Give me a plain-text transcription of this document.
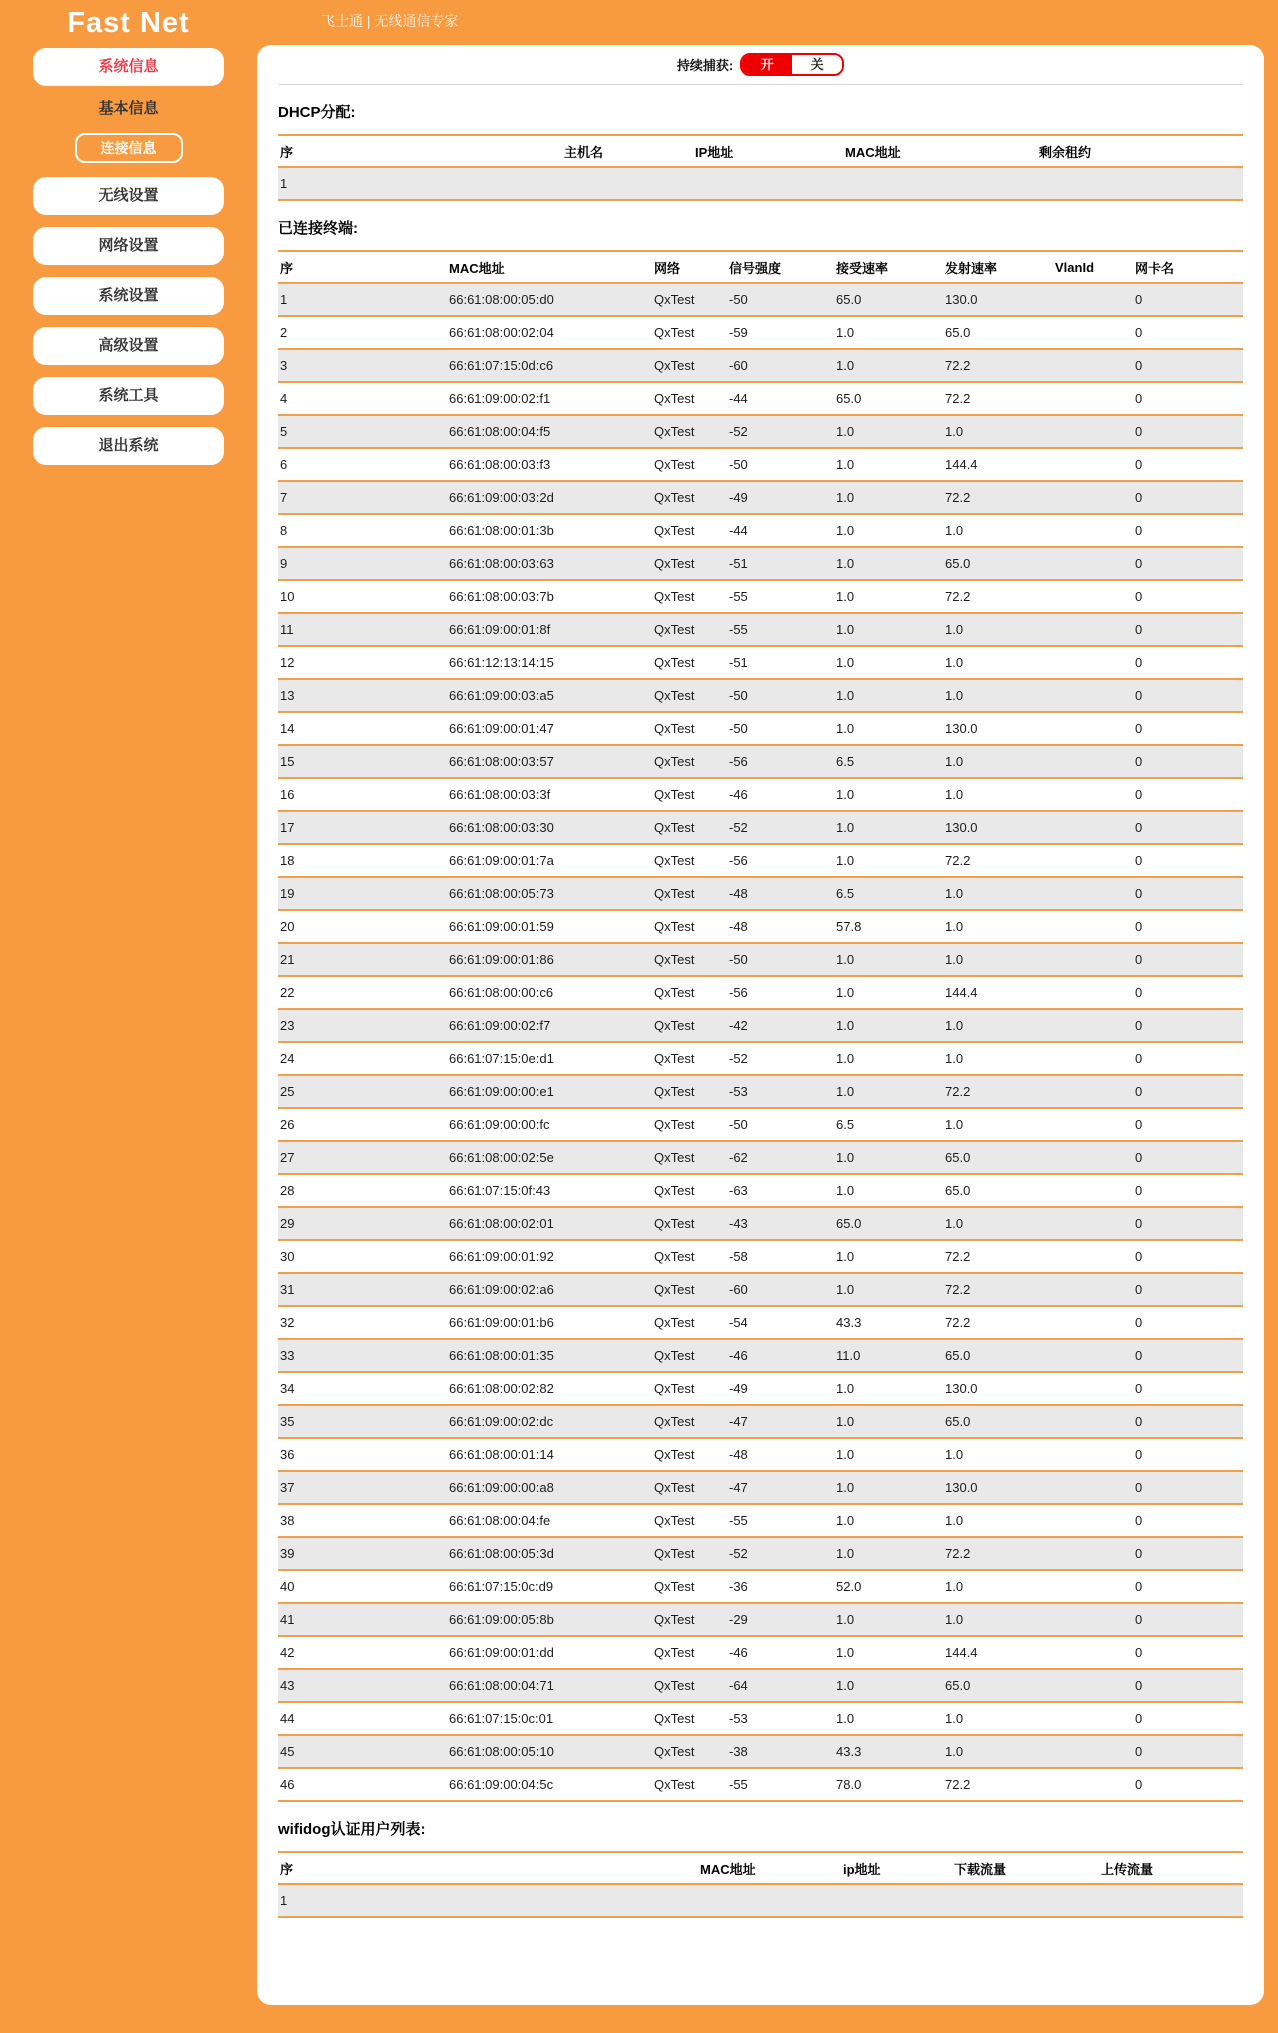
Fast Net
系统信息
基本信息
连接信息
无线设置
网络设置
系统设置
高级设置
系统工具
退出系统
飞士通 | 无线通信专家
持续捕获:	开	关
DHCP分配:
序	主机名	IP地址	MAC地址	剩余租约
1				
已连接终端:
序	MAC地址	网络	信号强度	接受速率	发射速率	VlanId	网卡名
1	66:61:08:00:05:d0	QxTest	-50	65.0	130.0		0
2	66:61:08:00:02:04	QxTest	-59	1.0	65.0		0
3	66:61:07:15:0d:c6	QxTest	-60	1.0	72.2		0
4	66:61:09:00:02:f1	QxTest	-44	65.0	72.2		0
5	66:61:08:00:04:f5	QxTest	-52	1.0	1.0		0
6	66:61:08:00:03:f3	QxTest	-50	1.0	144.4		0
7	66:61:09:00:03:2d	QxTest	-49	1.0	72.2		0
8	66:61:08:00:01:3b	QxTest	-44	1.0	1.0		0
9	66:61:08:00:03:63	QxTest	-51	1.0	65.0		0
10	66:61:08:00:03:7b	QxTest	-55	1.0	72.2		0
11	66:61:09:00:01:8f	QxTest	-55	1.0	1.0		0
12	66:61:12:13:14:15	QxTest	-51	1.0	1.0		0
13	66:61:09:00:03:a5	QxTest	-50	1.0	1.0		0
14	66:61:09:00:01:47	QxTest	-50	1.0	130.0		0
15	66:61:08:00:03:57	QxTest	-56	6.5	1.0		0
16	66:61:08:00:03:3f	QxTest	-46	1.0	1.0		0
17	66:61:08:00:03:30	QxTest	-52	1.0	130.0		0
18	66:61:09:00:01:7a	QxTest	-56	1.0	72.2		0
19	66:61:08:00:05:73	QxTest	-48	6.5	1.0		0
20	66:61:09:00:01:59	QxTest	-48	57.8	1.0		0
21	66:61:09:00:01:86	QxTest	-50	1.0	1.0		0
22	66:61:08:00:00:c6	QxTest	-56	1.0	144.4		0
23	66:61:09:00:02:f7	QxTest	-42	1.0	1.0		0
24	66:61:07:15:0e:d1	QxTest	-52	1.0	1.0		0
25	66:61:09:00:00:e1	QxTest	-53	1.0	72.2		0
26	66:61:09:00:00:fc	QxTest	-50	6.5	1.0		0
27	66:61:08:00:02:5e	QxTest	-62	1.0	65.0		0
28	66:61:07:15:0f:43	QxTest	-63	1.0	65.0		0
29	66:61:08:00:02:01	QxTest	-43	65.0	1.0		0
30	66:61:09:00:01:92	QxTest	-58	1.0	72.2		0
31	66:61:09:00:02:a6	QxTest	-60	1.0	72.2		0
32	66:61:09:00:01:b6	QxTest	-54	43.3	72.2		0
33	66:61:08:00:01:35	QxTest	-46	11.0	65.0		0
34	66:61:08:00:02:82	QxTest	-49	1.0	130.0		0
35	66:61:09:00:02:dc	QxTest	-47	1.0	65.0		0
36	66:61:08:00:01:14	QxTest	-48	1.0	1.0		0
37	66:61:09:00:00:a8	QxTest	-47	1.0	130.0		0
38	66:61:08:00:04:fe	QxTest	-55	1.0	1.0		0
39	66:61:08:00:05:3d	QxTest	-52	1.0	72.2		0
40	66:61:07:15:0c:d9	QxTest	-36	52.0	1.0		0
41	66:61:09:00:05:8b	QxTest	-29	1.0	1.0		0
42	66:61:09:00:01:dd	QxTest	-46	1.0	144.4		0
43	66:61:08:00:04:71	QxTest	-64	1.0	65.0		0
44	66:61:07:15:0c:01	QxTest	-53	1.0	1.0		0
45	66:61:08:00:05:10	QxTest	-38	43.3	1.0		0
46	66:61:09:00:04:5c	QxTest	-55	78.0	72.2		0
wifidog认证用户列表:
序	MAC地址	ip地址	下载流量	上传流量
1				
